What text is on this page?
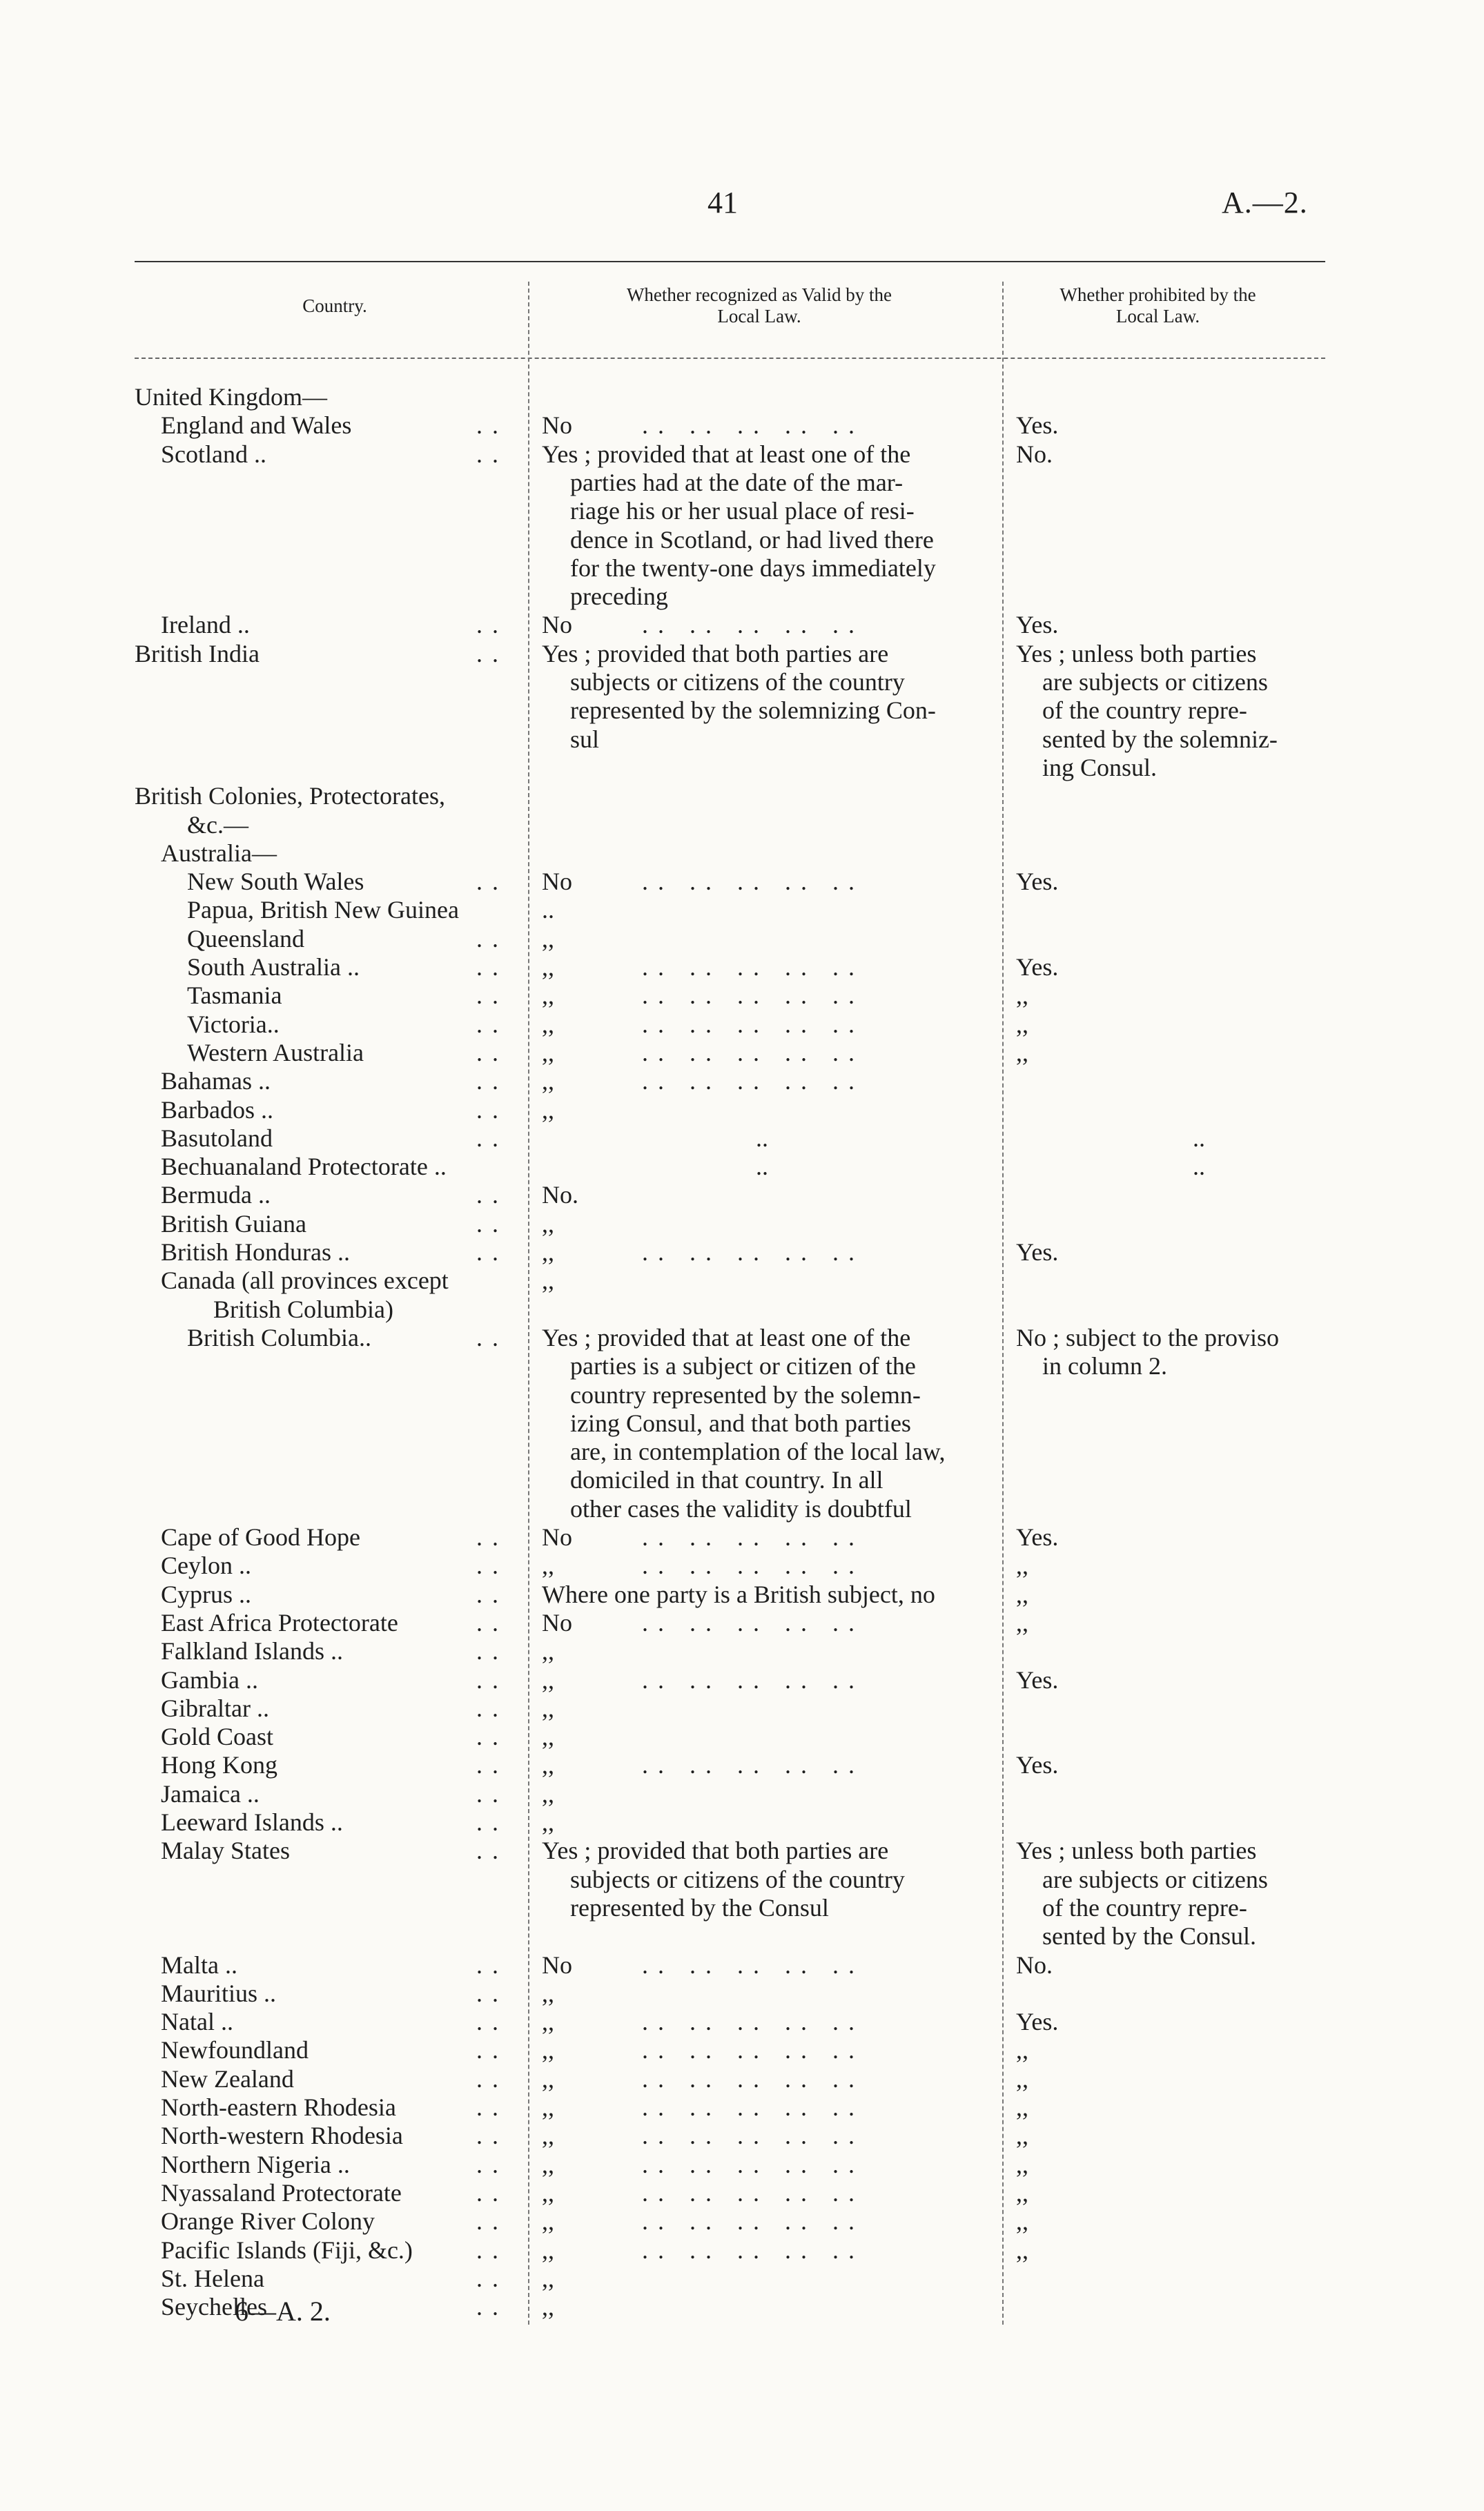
41	A.—2.
Country.
Whether recognized as Valid by the
Local Law.
Whether prohibited by the
Local Law.
United Kingdom—
England and Wales	.. No	.. .. .. .. ..	Yes.
Scotland ..	.. Yes ; provided that at least one of the	No.
parties had at the date of the mar-
riage his or her usual place of resi-
dence in Scotland, or had lived there
for the twenty-one days immediately
preceding
Ireland ..	.. No	.. .. .. .. ..	Yes.
British India	.. Yes ; provided that both parties are	Yes ; unless both parties
subjects or citizens of the country	are subjects or citizens
represented by the solemnizing Con-	of the country repre-
sul	sented by the solemniz-
ing Consul.
British Colonies, Protectorates,
&c.—
Australia—
New South Wales	.. No	.. .. .. .. ..	Yes.
Papua, British New Guinea	..
Queensland	.. ,,
South Australia ..	.. ,,	.. .. .. .. ..	Yes.
Tasmania	.. ,,	.. .. .. .. ..	,,
Victoria..	.. ,,	.. .. .. .. ..	,,
Western Australia	.. ,,	.. .. .. .. ..	,,
Bahamas ..	.. ,,	.. .. .. .. ..
Barbados ..	.. ,,
Basutoland	..	..	..
Bechuanaland Protectorate ..	..	..
Bermuda ..	.. No.
British Guiana	.. ,,
British Honduras ..	.. ,,	.. .. .. .. ..	Yes.
Canada (all provinces except	,,
British Columbia)
British Columbia..	.. Yes ; provided that at least one of the	No ; subject to the proviso
parties is a subject or citizen of the	in column 2.
country represented by the solemn-
izing Consul, and that both parties
are, in contemplation of the local law,
domiciled in that country. In all
other cases the validity is doubtful
Cape of Good Hope	.. No	.. .. .. .. ..	Yes.
Ceylon ..	.. ,,	.. .. .. .. ..	,,
Cyprus ..	.. Where one party is a British subject, no	,,
East Africa Protectorate	.. No	.. .. .. .. ..	,,
Falkland Islands ..	.. ,,
Gambia ..	.. ,,	.. .. .. .. ..	Yes.
Gibraltar ..	.. ,,
Gold Coast	.. ,,
Hong Kong	.. ,,	.. .. .. .. ..	Yes.
Jamaica ..	.. ,,
Leeward Islands ..	.. ,,
Malay States	.. Yes ; provided that both parties are	Yes ; unless both parties
subjects or citizens of the country	are subjects or citizens
represented by the Consul	of the country repre-
sented by the Consul.
Malta ..	.. No	.. .. .. .. ..	No.
Mauritius ..	.. ,,
Natal ..	.. ,,	.. .. .. .. ..	Yes.
Newfoundland	.. ,,	.. .. .. .. ..	,,
New Zealand	.. ,,	.. .. .. .. ..	,,
North-eastern Rhodesia	.. ,,	.. .. .. .. ..	,,
North-western Rhodesia	.. ,,	.. .. .. .. ..	,,
Northern Nigeria ..	.. ,,	.. .. .. .. ..	,,
Nyassaland Protectorate	.. ,,	.. .. .. .. ..	,,
Orange River Colony	.. ,,	.. .. .. .. ..	,,
Pacific Islands (Fiji, &c.)	.. ,,	.. .. .. .. ..	,,
St. Helena	.. ,,
Seychelles	.. ,,
6—A. 2.
